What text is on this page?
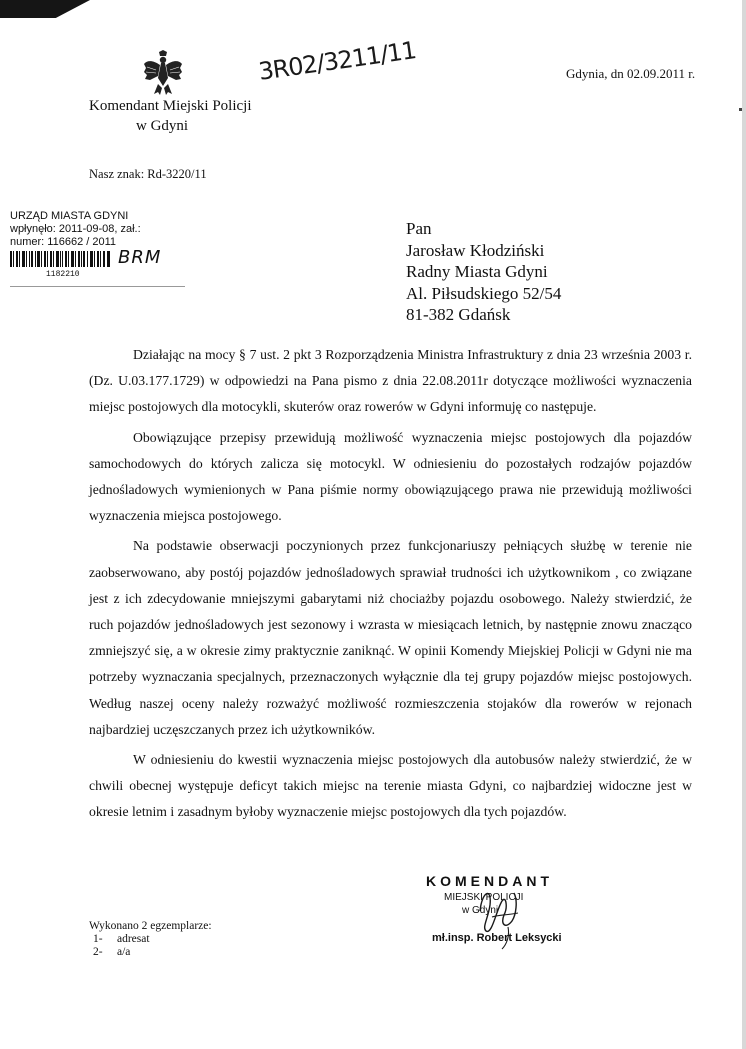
Komendant Miejski Policji
w Gdyni
3R02/3211/11	Gdynia, dn 02.09.2011 r.
Nasz znak: Rd-3220/11
URZĄD MIASTA GDYNI
wpłynęło: 2011-09-08, zał.:
numer: 116662 / 2011
1182210
BRM
Pan
Jarosław Kłodziński
Radny Miasta Gdyni
Al. Piłsudskiego 52/54
81-382 Gdańsk

Działając na mocy § 7 ust. 2 pkt 3 Rozporządzenia Ministra Infrastruktury z dnia 23 września 2003 r. (Dz. U.03.177.1729) w odpowiedzi na Pana pismo z dnia 22.08.2011r dotyczące możliwości wyznaczenia miejsc postojowych dla motocykli, skuterów oraz rowerów w Gdyni informuję co następuje.

Obowiązujące przepisy przewidują możliwość wyznaczenia miejsc postojowych dla pojazdów samochodowych do których zalicza się motocykl. W odniesieniu do pozostałych rodzajów pojazdów jednośladowych wymienionych w Pana piśmie normy obowiązującego prawa nie przewidują możliwości wyznaczenia miejsca postojowego.

Na podstawie obserwacji poczynionych przez funkcjonariuszy pełniących służbę w terenie nie zaobserwowano, aby postój pojazdów jednośladowych sprawiał trudności ich użytkownikom , co związane jest z ich zdecydowanie mniejszymi gabarytami niż chociażby pojazdu osobowego. Należy stwierdzić, że ruch pojazdów jednośladowych jest sezonowy i wzrasta w miesiącach letnich, by następnie znowu znacząco zmniejszyć się, a w okresie zimy praktycznie zaniknąć. W opinii Komendy Miejskiej Policji w Gdyni nie ma potrzeby wyznaczania specjalnych, przeznaczonych wyłącznie dla tej grupy pojazdów miejsc postojowych. Według naszej oceny należy rozważyć możliwość rozmieszczenia stojaków dla rowerów w rejonach najbardziej uczęszczanych przez ich użytkowników.

W odniesieniu do kwestii wyznaczenia miejsc postojowych dla autobusów należy stwierdzić, że w chwili obecnej występuje deficyt takich miejsc na terenie miasta Gdyni, co najbardziej widoczne jest w okresie letnim i zasadnym byłoby wyznaczenie miejsc postojowych dla tych pojazdów.

KOMENDANT
MIEJSKI POLICJI
w Gdyni
mł.insp. Robert Leksycki
Wykonano 2 egzemplarze:
1- adresat
2- a/a
